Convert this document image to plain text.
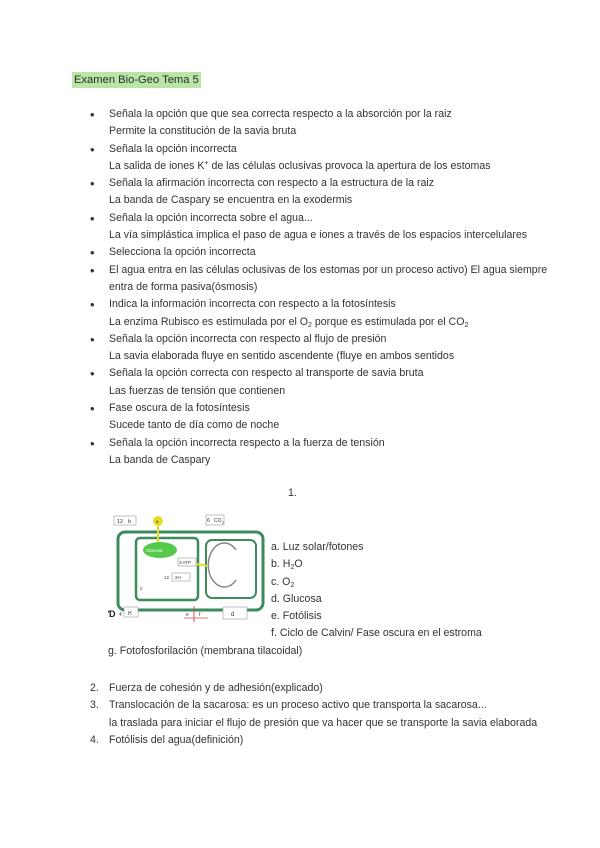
Examen Bio-Geo Tema 5
• Señala la opción que que sea correcta respecto a la absorción por la raiz
Permite la constitución de la savia bruta
• Señala la opción incorrecta
La salida de iones K+ de las células oclusivas provoca la apertura de los estomas
• Señala la afirmación incorrecta con respecto a la estructura de la raiz
La banda de Caspary se encuentra en la exodermis
• Señala la opción incorrecta sobre el agua...
La vía simplástica implica el paso de agua e iones a través de los espacios intercelulares
• Selecciona la opción incorrecta
• El agua entra en las células oclusivas de los estomas por un proceso activo) El agua siempre entra de forma pasiva(ósmosis)
• Indica la información incorrecta con respecto a la fotosíntesis
La enzima Rubisco es estimulada por el $O_2$ porque es estimulada por el $CO_2$
• Señala la opción incorrecta con respecto al flujo de presión
La savia elaborada fluye en sentido ascendente (fluye en ambos sentidos
• Señala la opción correcta con respecto al transporte de savia bruta
Las fuerzas de tensión que contienen
• Fase oscura de la fotosíntesis
Sucede tanto de día como de noche
• Señala la opción incorrecta respecto a la fuerza de tensión
La banda de Caspary
1.
12 b	a	6 CO 2
Glucosa
3 ATP
12 2H
c
d
e f
Ɗ 4 H
a. Luz solar/fotones
b. $H_2O$
c. $O_2$
d. Glucosa
e. Fotólisis
f. Ciclo de Calvin/ Fase oscura en el estroma
g. Fotofosforilación (membrana tilacoidal)
2. Fuerza de cohesión y de adhesión(explicado)
3. Translocación de la sacarosa: es un proceso activo que transporta la sacarosa...
la traslada para iniciar el flujo de presión que va hacer que se transporte la savia elaborada
4. Fotólisis del agua(definición)
